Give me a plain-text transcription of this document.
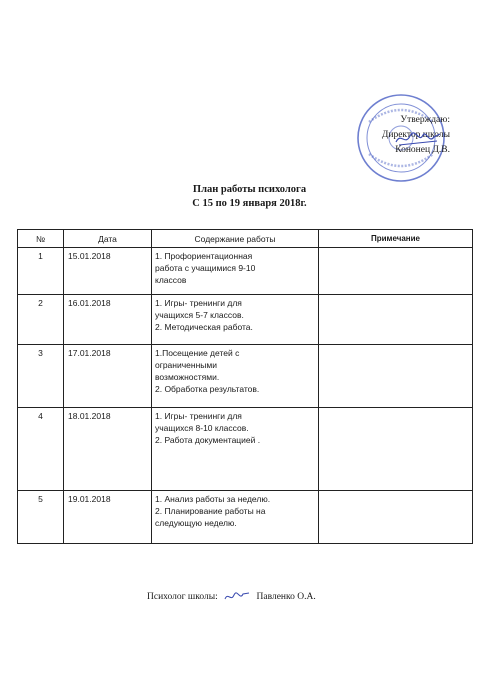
Утверждаю:
Директор школы
Кононец Д.В.
План работы психолога
С 15 по 19 января 2018г.
№	Дата	Содержание работы	Примечание
1	15.01.2018	1. Профориентационная
работа с учащимися 9-10
классов	

2	16.01.2018	1. Игры- тренинги для
учащихся 5-7 классов.
2. Методическая работа.	

3	17.01.2018	1.Посещение детей с
ограниченными
возможностями.
2. Обработка результатов.	

4	18.01.2018	1. Игры- тренинги для
учащихся 8-10 классов.
2. Работа документацией .	

5	19.01.2018	1. Анализ работы за неделю.
2. Планирование работы на
следующую неделю.	

Психолог школы:	Павленко О.А.
